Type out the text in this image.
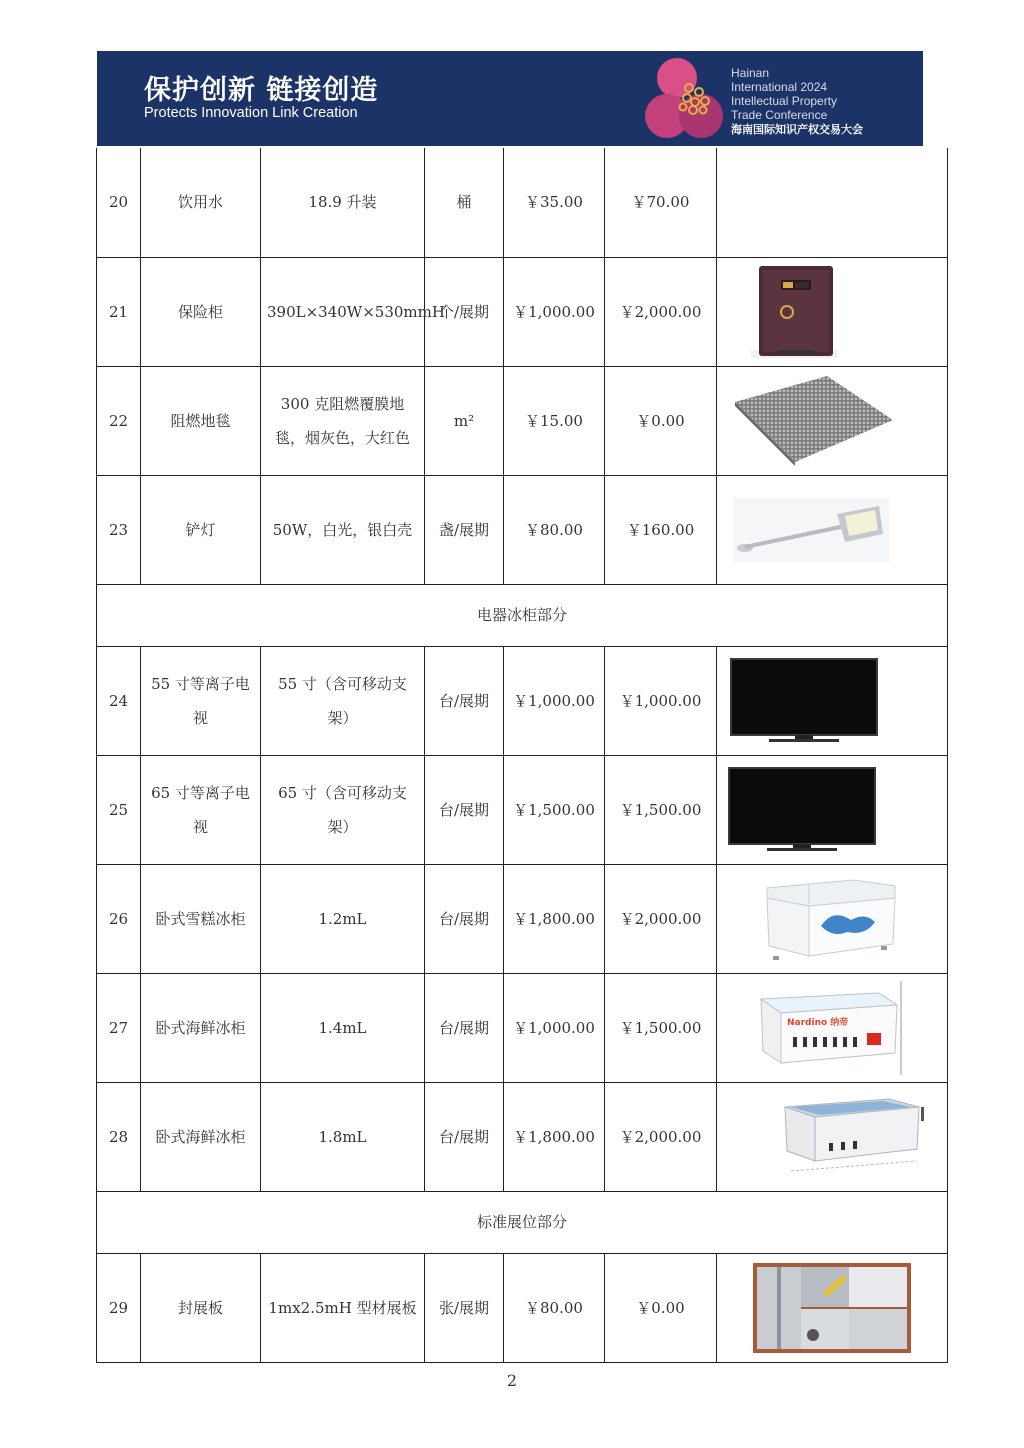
保护创新 链接创造
Protects Innovation Link Creation
Hainan
International 2024
Intellectual Property
Trade Conference
海南国际知识产权交易大会
20	饮用水	18.9 升装	桶	￥35.00	￥70.00	
21	保险柜	390L×340W×530mmH	个/展期	￥1,000.00	￥2,000.00	

22	阻燃地毯	300 克阻燃覆膜地毯，烟灰色，大红色	m²	￥15.00	￥0.00	

23	铲灯	50W，白光，银白壳	盏/展期	￥80.00	￥160.00	

电器冰柜部分						
24	55 寸等离子电视	55 寸（含可移动支架）	台/展期	￥1,000.00	￥1,000.00	

25	65 寸等离子电视	65 寸（含可移动支架）	台/展期	￥1,500.00	￥1,500.00	

26	卧式雪糕冰柜	1.2mL	台/展期	￥1,800.00	￥2,000.00	

27	卧式海鲜冰柜	1.4mL	台/展期	￥1,000.00	￥1,500.00	Nardino 纳帝

28	卧式海鲜冰柜	1.8mL	台/展期	￥1,800.00	￥2,000.00	

标准展位部分						
29	封展板	1mx2.5mH 型材展板	张/展期	￥80.00	￥0.00	
2
